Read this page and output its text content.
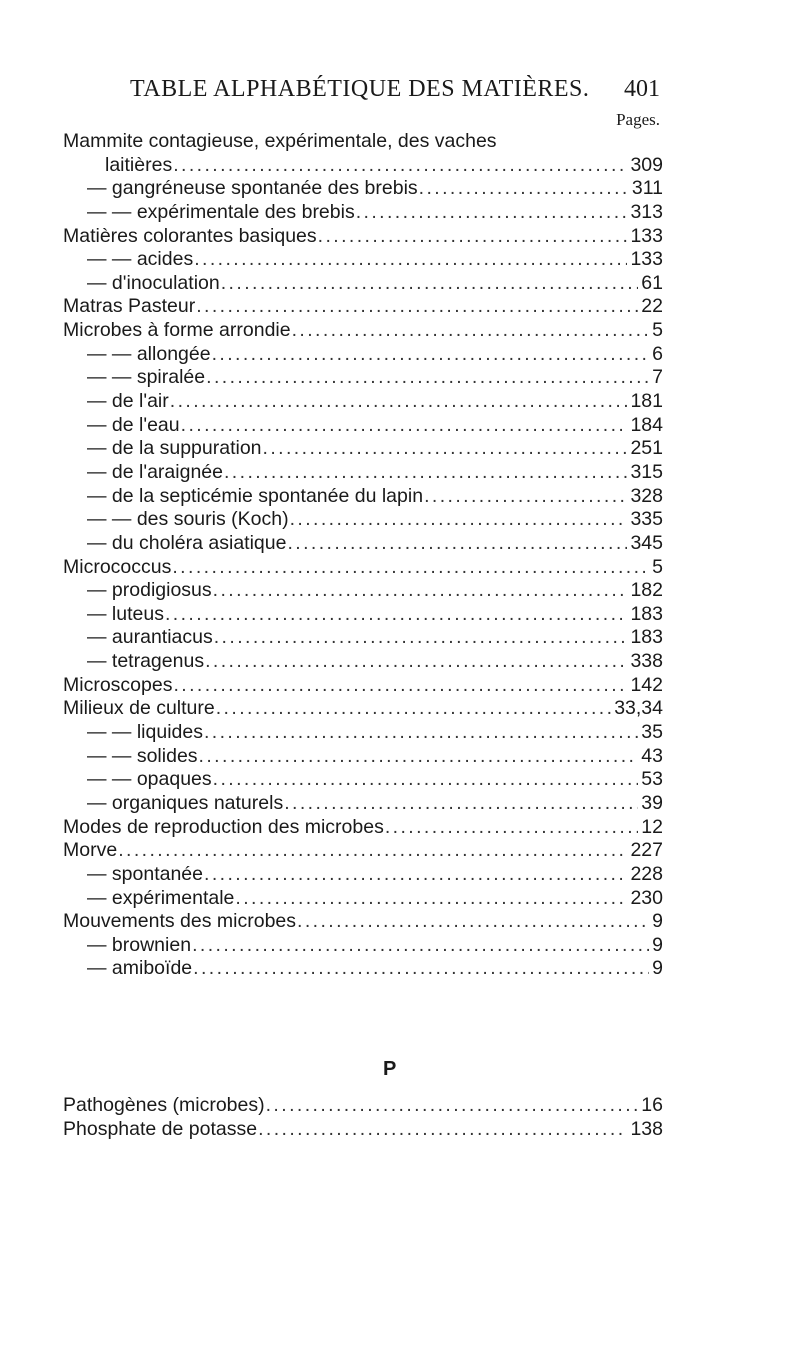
TABLE ALPHABÉTIQUE DES MATIÈRES. 401
Pages.
Mammite contagieuse, expérimentale, des vaches
laitières .....	309
— gangréneuse spontanée des brebis .....	311
— — expérimentale des brebis .....	313
Matières colorantes basiques .....	133
— — acides .....	133
— d'inoculation .....	61
Matras Pasteur .....	22
Microbes à forme arrondie .....	5
— — allongée .....	6
— — spiralée .....	7
— de l'air .....	181
— de l'eau .....	184
— de la suppuration .....	251
— de l'araignée .....	315
— de la septicémie spontanée du lapin .....	328
— — des souris (Koch) .....	335
— du choléra asiatique .....	345
Micrococcus .....	5
— prodigiosus .....	182
— luteus .....	183
— aurantiacus .....	183
— tetragenus .....	338
Microscopes .....	142
Milieux de culture .....	33,34
— — liquides .....	35
— — solides .....	43
— — opaques .....	53
— organiques naturels .....	39
Modes de reproduction des microbes .....	12
Morve .....	227
— spontanée .....	228
— expérimentale .....	230
Mouvements des microbes .....	9
— brownien .....	9
— amiboïde .....	9
P
Pathogènes (microbes) .....	16
Phosphate de potasse .....	138
